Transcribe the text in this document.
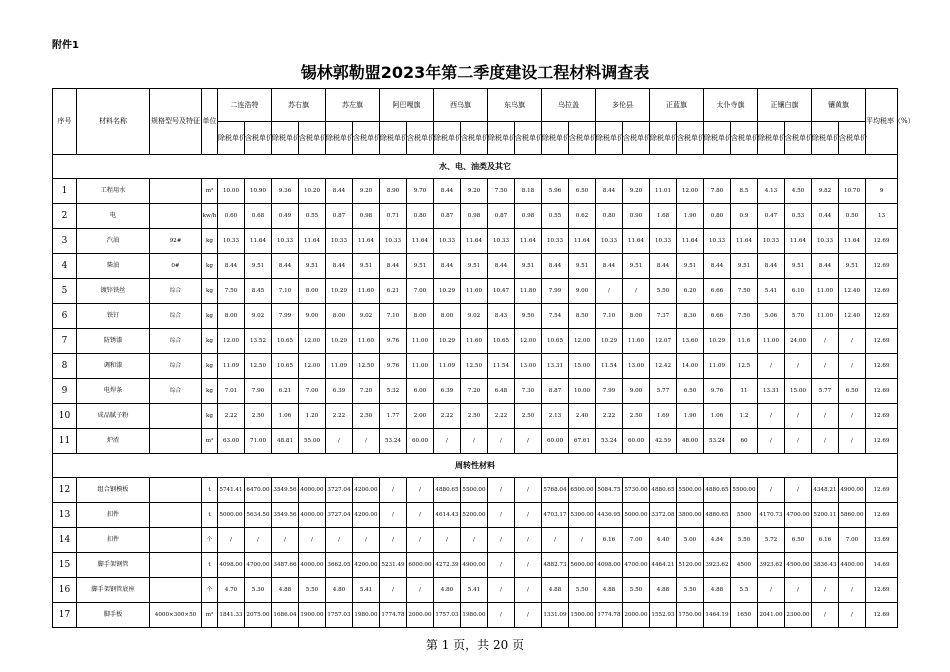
附件1
锡林郭勒盟2023年第二季度建设工程材料调查表
序号	材料名称	规格型号及特征	单位	二连浩特		苏右旗		苏左旗		阿巴嘎旗		西乌旗		东乌旗		乌拉盖		多伦县		正蓝旗		太仆寺旗		正镶白旗		镶黄旗		平均税率（%）
				除税单价	含税单价	除税单价	含税单价	除税单价	含税单价	除税单价	含税单价	除税单价	含税单价	除税单价	含税单价	除税单价	含税单价	除税单价	含税单价	除税单价	含税单价	除税单价	含税单价	除税单价	含税单价	除税单价	含税单价	
水、电、油类及其它																												
1	工程用水		m³	10.00	10.90	9.36	10.20	8.44	9.20	8.90	9.70	8.44	9.20	7.50	8.18	5.96	6.50	8.44	9.20	11.01	12.00	7.80	8.5	4.13	4.50	9.82	10.70	9
2	电		kw/h	0.60	0.68	0.49	0.55	0.87	0.98	0.71	0.80	0.87	0.98	0.87	0.98	0.55	0.62	0.80	0.90	1.68	1.90	0.80	0.9	0.47	0.53	0.44	0.50	13
3	汽油	92#	kg	10.33	11.64	10.33	11.64	10.33	11.64	10.33	11.64	10.33	11.64	10.33	11.64	10.33	11.64	10.33	11.64	10.33	11.64	10.33	11.64	10.33	11.64	10.33	11.64	12.69
4	柴油	0#	kg	8.44	9.51	8.44	9.51	8.44	9.51	8.44	9.51	8.44	9.51	8.44	9.51	8.44	9.51	8.44	9.51	8.44	9.51	8.44	9.51	8.44	9.51	8.44	9.51	12.69
5	镀锌铁丝	综合	kg	7.50	8.45	7.10	8.00	10.29	11.60	6.21	7.00	10.29	11.60	10.47	11.80	7.99	9.00	/	/	5.50	6.20	6.66	7.50	5.41	6.10	11.00	12.40	12.69
6	铁钉	综合	kg	8.00	9.02	7.99	9.00	8.00	9.02	7.10	8.00	8.00	9.02	8.43	9.50	7.54	8.50	7.10	8.00	7.37	8.30	6.66	7.50	5.06	5.70	11.00	12.40	12.69
7	防锈漆	综合	kg	12.00	13.52	10.65	12.00	10.29	11.60	9.76	11.00	10.29	11.60	10.65	12.00	10.65	12.00	10.29	11.60	12.07	13.60	10.29	11.6	11.00	24.00	/	/	12.69
8	调和漆	综合	kg	11.09	12.50	10.65	12.00	11.09	12.50	9.76	11.00	11.09	12.50	11.54	13.00	13.31	15.00	11.54	13.00	12.42	14.00	11.09	12.5	/	/	/	/	12.69
9	电焊条	综合	kg	7.01	7.90	6.21	7.00	6.39	7.20	5.32	6.00	6.39	7.20	6.48	7.30	8.87	10.00	7.99	9.00	5.77	6.50	9.76	11	13.31	15.00	5.77	6.50	12.69
10	成品腻子粉		kg	2.22	2.50	1.06	1.20	2.22	2.50	1.77	2.00	2.22	2.50	2.22	2.50	2.13	2.40	2.22	2.50	1.69	1.90	1.06	1.2	/	/	/	/	12.69
11	炉渣		m³	63.00	71.00	48.81	55.00	/	/	53.24	60.00	/	/	/	/	60.00	67.61	53.24	60.00	42.59	48.00	53.24	60	/	/	/	/	12.69
周转性材料																												
12	组合钢模板		t	5741.41	6470.00	3549.56	4000.00	3727.04	4200.00	/	/	4880.65	5500.00	/	/	5768.04	6500.00	5084.75	5730.00	4880.65	5500.00	4880.65	5500.00	/	/	4348.21	4900.00	12.69
13	扣件		t	5000.00	5634.50	3549.56	4000.00	3727.04	4200.00	/	/	4614.43	5200.00	/	/	4703.17	5300.00	4436.95	5000.00	3372.08	3800.00	4880.65	5500	4170.73	4700.00	5200.11	5860.00	12.69
14	扣件		个	/	/	/	/	/	/	/	/	/	/	/	/	/	/	6.16	7.00	4.40	5.00	4.84	5.50	5.72	6.50	6.16	7.00	13.69
15	脚手架钢管		t	4098.00	4700.00	3487.66	4000.00	3662.05	4200.00	5231.49	6000.00	4272.39	4900.00	/	/	4882.73	5600.00	4098.00	4700.00	4464.21	5120.00	3923.62	4500	3923.62	4500.00	3836.43	4400.00	14.69
16	脚手架钢管底座		个	4.70	5.30	4.88	5.50	4.80	5.41	/	/	4.80	5.41	/	/	4.88	5.50	4.88	5.50	4.88	5.50	4.88	5.5	/	/	/	/	12.69
17	脚手板	4000×300×50	m³	1841.33	2075.00	1686.04	1900.00	1757.03	1980.00	1774.78	2000.00	1757.03	1980.00	/	/	1331.09	1500.00	1774.78	2000.00	1552.93	1750.00	1464.19	1650	2041.00	2300.00	/	/	12.69
第 1 页，共 20 页
